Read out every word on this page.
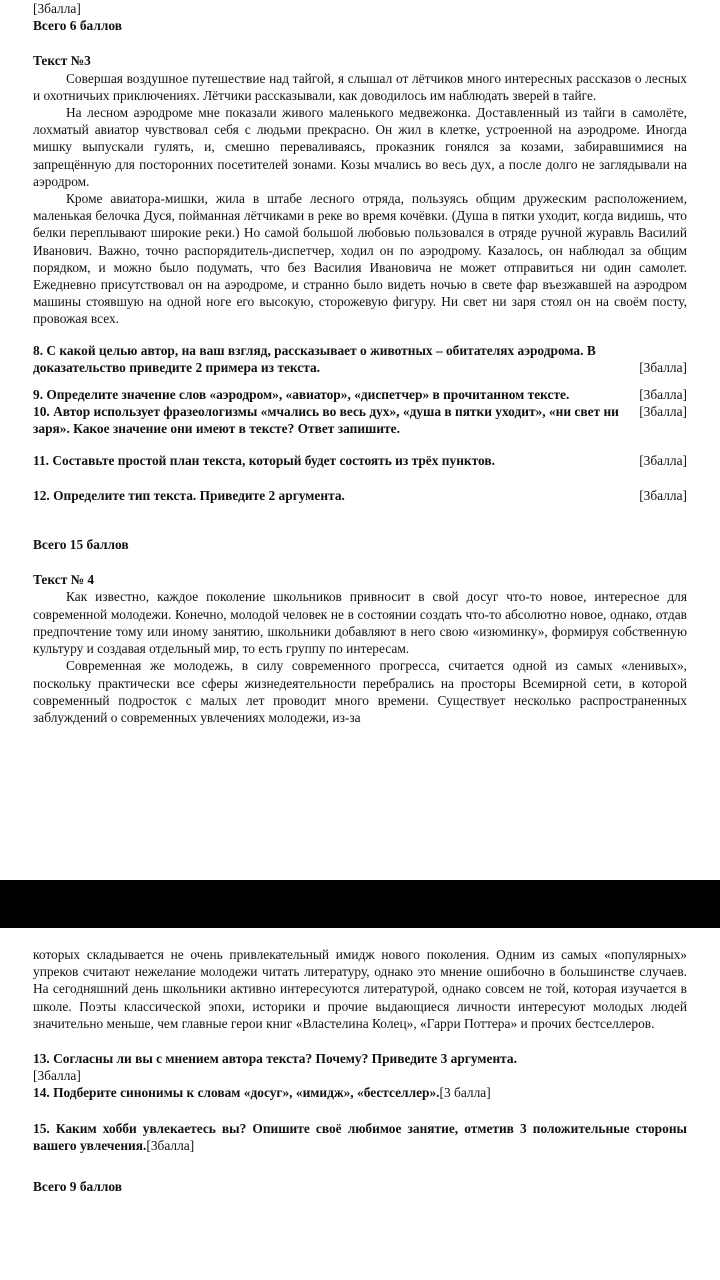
[3балла]
Всего 6 баллов
Текст №3

Совершая воздушное путешествие над тайгой, я слышал от лётчиков много интересных рассказов о лесных и охотничьих приключениях. Лётчики рассказывали, как доводилось им наблюдать зверей в тайге.

На лесном аэродроме мне показали живого маленького медвежонка. Доставленный из тайги в самолёте, лохматый авиатор чувствовал себя с людьми прекрасно. Он жил в клетке, устроенной на аэродроме. Иногда мишку выпускали гулять, и, смешно переваливаясь, проказник гонялся за козами, забиравшимися на запрещённую для посторонних посетителей зонами. Козы мчались во весь дух, а после долго не заглядывали на аэродром.

Кроме авиатора-мишки, жила в штабе лесного отряда, пользуясь общим дружеским расположением, маленькая белочка Дуся, пойманная лётчиками в реке во время кочёвки. (Душа в пятки уходит, когда видишь, что белки переплывают широкие реки.) Но самой большой любовью пользовался в отряде ручной журавль Василий Иванович. Важно, точно распорядитель-диспетчер, ходил он по аэродрому. Казалось, он наблюдал за общим порядком, и можно было подумать, что без Василия Ивановича не может отправиться ни один самолет. Ежедневно присутствовал он на аэродроме, и странно было видеть ночью в свете фар въезжавшей на аэродром машины стоявшую на одной ноге его высокую, сторожевую фигуру. Ни свет ни заря стоял он на своём посту, провожая всех.

8. С какой целью автор, на ваш взгляд, рассказывает о животных – обитателях аэродрома. В доказательство приведите 2 примера из текста.	[3балла]
9. Определите значение слов «аэродром», «авиатор», «диспетчер» в прочитанном тексте.	[3балла]
10. Автор использует фразеологизмы «мчались во весь дух», «душа в пятки уходит», «ни свет ни заря». Какое значение они имеют в тексте? Ответ запишите.
[3балла]
11. Составьте простой план текста, который будет состоять из трёх пунктов.	[3балла]
12. Определите тип текста. Приведите 2 аргумента.	[3балла]
Всего 15 баллов
Текст № 4

Как известно, каждое поколение школьников привносит в свой досуг что-то новое, интересное для современной молодежи. Конечно, молодой человек не в состоянии создать что-то абсолютно новое, однако, отдав предпочтение тому или иному занятию, школьники добавляют в него свою «изюминку», формируя собственную культуру и создавая отдельный мир, то есть группу по интересам.

Современная же молодежь, в силу современного прогресса, считается одной из самых «ленивых», поскольку практически все сферы жизнедеятельности перебрались на просторы Всемирной сети, в которой современный подросток с малых лет проводит много времени. Существует несколько распространенных заблуждений о современных увлечениях молодежи, из-за

которых складывается не очень привлекательный имидж нового поколения. Одним из самых «популярных» упреков считают нежелание молодежи читать литературу, однако это мнение ошибочно в большинстве случаев. На сегодняшний день школьники активно интересуются литературой, однако совсем не той, которая изучается в школе. Поэты классической эпохи, историки и прочие выдающиеся личности интересуют молодых людей значительно меньше, чем главные герои книг «Властелина Колец», «Гарри Поттера» и прочих бестселлеров.

13. Согласны ли вы с мнением автора текста? Почему? Приведите 3 аргумента.
[3балла]
14. Подберите синонимы к словам «досуг», «имидж», «бестселлер».[3 балла]
15. Каким хобби увлекаетесь вы? Опишите своё любимое занятие, отметив 3 положительные стороны вашего увлечения.[3балла]
Всего 9 баллов
